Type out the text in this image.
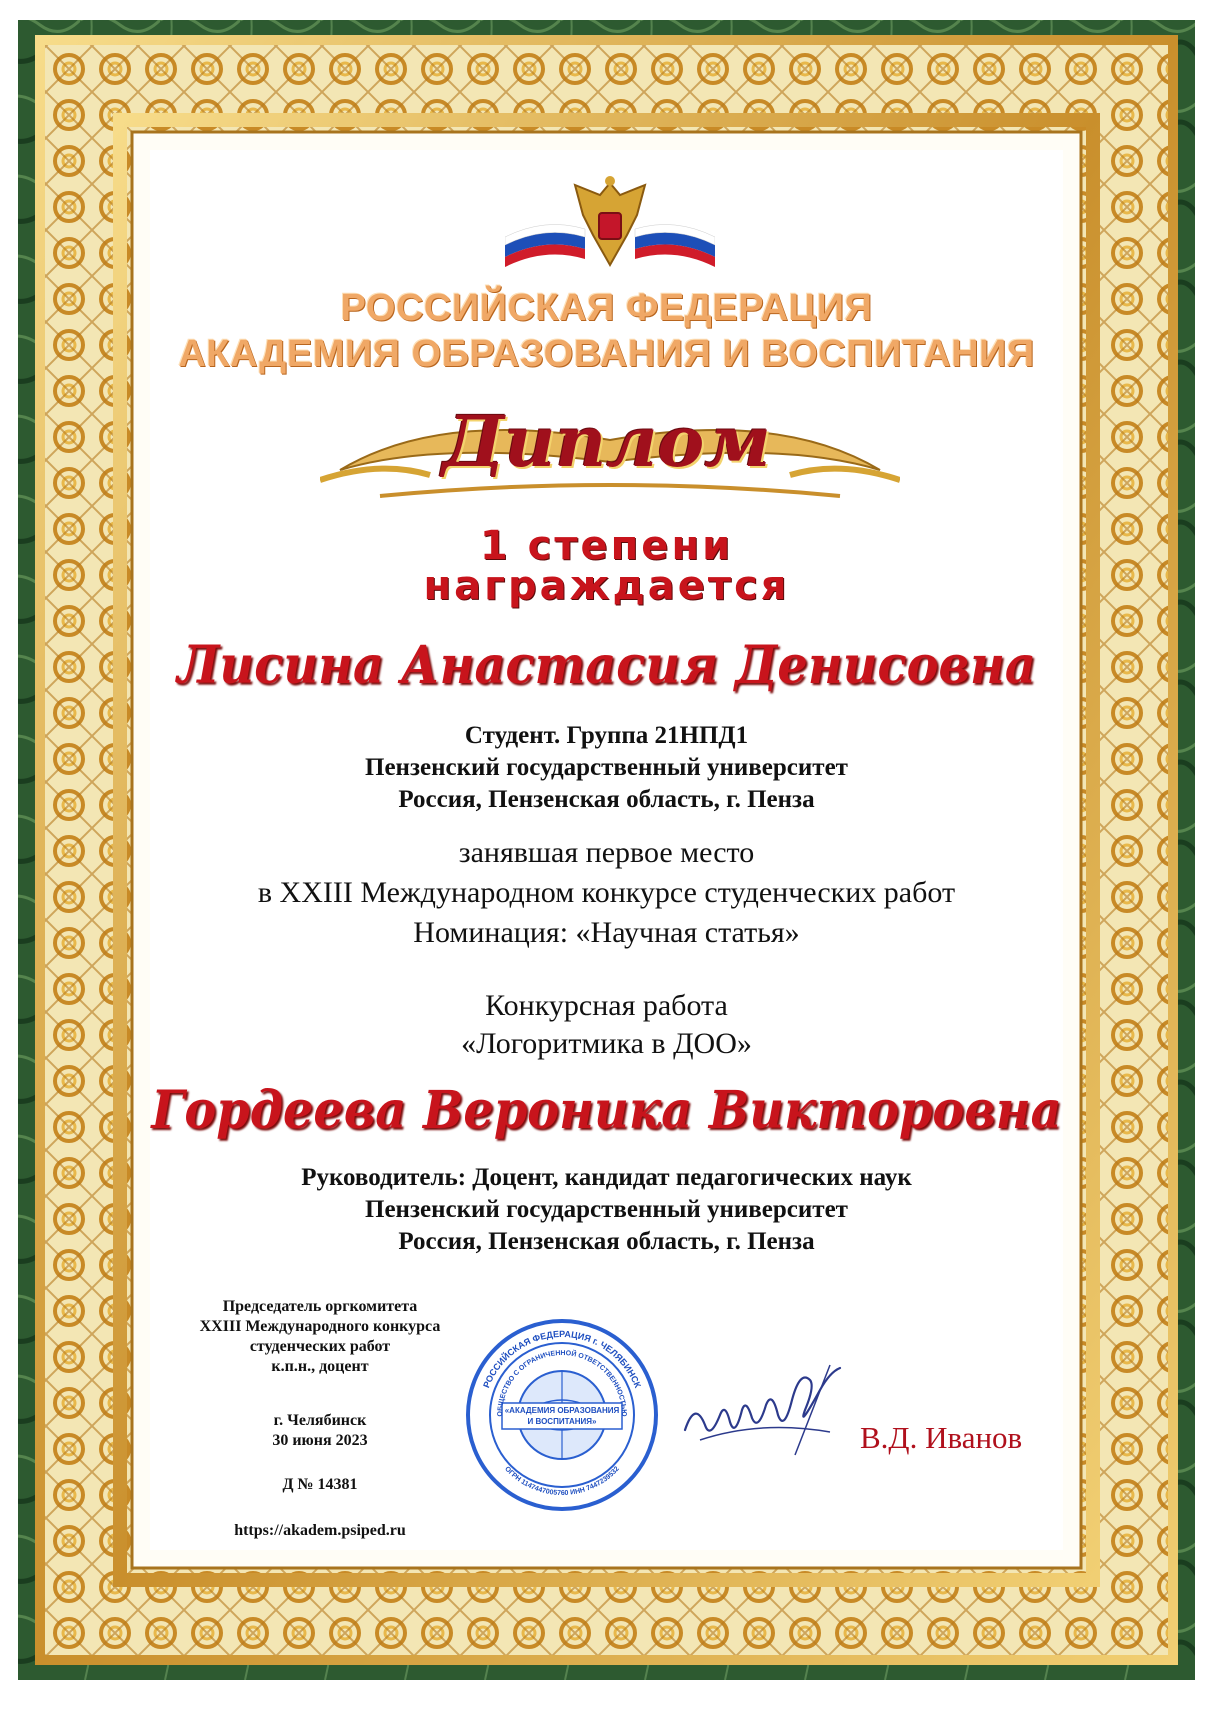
РОССИЙСКАЯ ФЕДЕРАЦИЯ
АКАДЕМИЯ ОБРАЗОВАНИЯ И ВОСПИТАНИЯ
Диплом
1 степени
награждается
Лисина Анастасия Денисовна
Студент. Группа 21НПД1
Пензенский государственный университет
Россия, Пензенская область, г. Пенза
занявшая первое место
в XXIII Международном конкурсе студенческих работ
Номинация: «Научная статья»
Конкурсная работа
«Логоритмика в ДОО»
Гордеева Вероника Викторовна
Руководитель: Доцент, кандидат педагогических наук
Пензенский государственный университет
Россия, Пензенская область, г. Пенза
Председатель оргкомитета
XXIII Международного конкурса
студенческих работ
к.п.н., доцент
г. Челябинск
30 июня 2023
Д № 14381
https://akadem.psiped.ru
«АКАДЕМИЯ ОБРАЗОВАНИЯ
И ВОСПИТАНИЯ»
РОССИЙСКАЯ ФЕДЕРАЦИЯ г. ЧЕЛЯБИНСК
ОБЩЕСТВО С ОГРАНИЧЕННОЙ ОТВЕТСТВЕННОСТЬЮ
ОГРН 1147447005760 ИНН 7447239532
В.Д. Иванов
